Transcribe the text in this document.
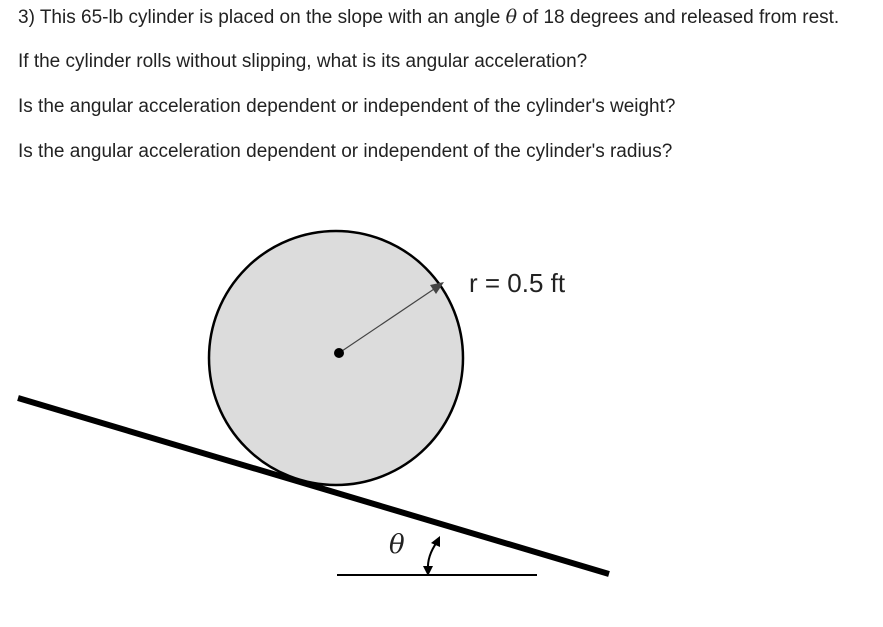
3) This 65-lb cylinder is placed on the slope with an angle θ of 18 degrees and released from rest.
If the cylinder rolls without slipping, what is its angular acceleration?
Is the angular acceleration dependent or independent of the cylinder's weight?
Is the angular acceleration dependent or independent of the cylinder's radius?
r = 0.5 ft
θ
